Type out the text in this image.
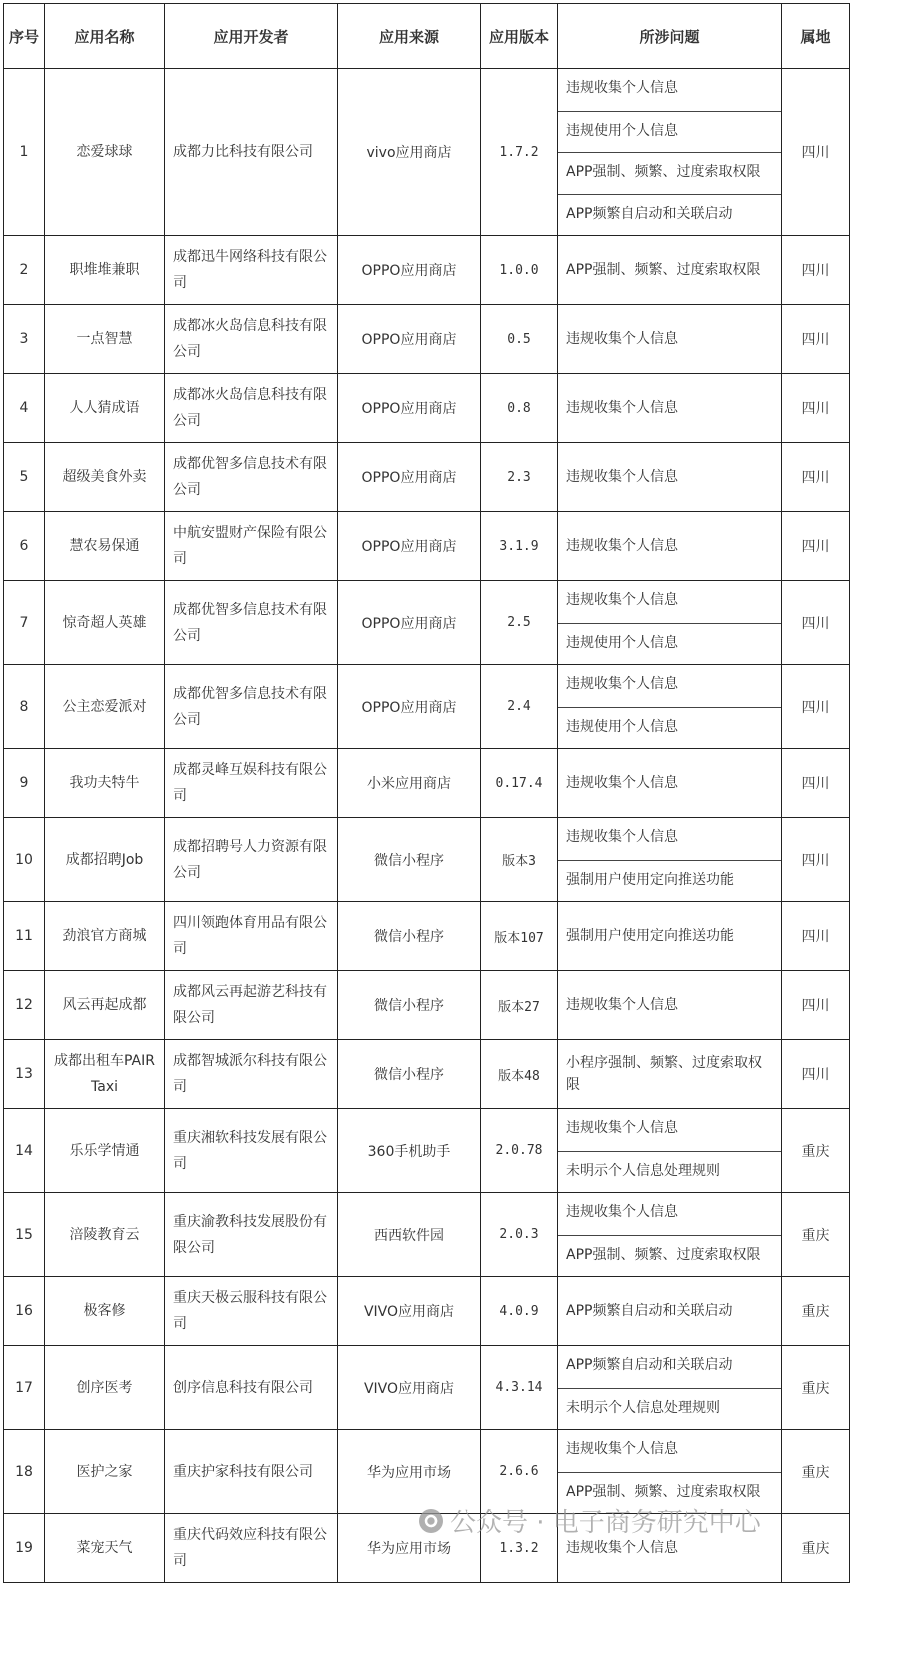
序号	应用名称	应用开发者	应用来源	应用版本	所涉问题	属地
1	恋爱球球	成都力比科技有限公司	vivo应用商店	1.7.2	违规收集个人信息
违规使用个人信息
APP强制、频繁、过度索取权限
APP频繁自启动和关联启动	四川
2	职堆堆兼职	成都迅牛网络科技有限公司	OPPO应用商店	1.0.0	APP强制、频繁、过度索取权限	四川
3	一点智慧	成都冰火岛信息科技有限公司	OPPO应用商店	0.5	违规收集个人信息	四川
4	人人猜成语	成都冰火岛信息科技有限公司	OPPO应用商店	0.8	违规收集个人信息	四川
5	超级美食外卖	成都优智多信息技术有限公司	OPPO应用商店	2.3	违规收集个人信息	四川
6	慧农易保通	中航安盟财产保险有限公司	OPPO应用商店	3.1.9	违规收集个人信息	四川
7	惊奇超人英雄	成都优智多信息技术有限公司	OPPO应用商店	2.5	违规收集个人信息
违规使用个人信息	四川
8	公主恋爱派对	成都优智多信息技术有限公司	OPPO应用商店	2.4	违规收集个人信息
违规使用个人信息	四川
9	我功夫特牛	成都灵峰互娱科技有限公司	小米应用商店	0.17.4	违规收集个人信息	四川
10	成都招聘Job	成都招聘号人力资源有限公司	微信小程序	版本3	违规收集个人信息
强制用户使用定向推送功能	四川
11	劲浪官方商城	四川领跑体育用品有限公司	微信小程序	版本107	强制用户使用定向推送功能	四川
12	风云再起成都	成都风云再起游艺科技有限公司	微信小程序	版本27	违规收集个人信息	四川
13	成都出租车PAIR Taxi	成都智城派尔科技有限公司	微信小程序	版本48	小程序强制、频繁、过度索取权限	四川
14	乐乐学情通	重庆湘软科技发展有限公司	360手机助手	2.0.78	违规收集个人信息
未明示个人信息处理规则	重庆
15	涪陵教育云	重庆渝教科技发展股份有限公司	西西软件园	2.0.3	违规收集个人信息
APP强制、频繁、过度索取权限	重庆
16	极客修	重庆天极云服科技有限公司	VIVO应用商店	4.0.9	APP频繁自启动和关联启动	重庆
17	创序医考	创序信息科技有限公司	VIVO应用商店	4.3.14	APP频繁自启动和关联启动
未明示个人信息处理规则	重庆
18	医护之家	重庆护家科技有限公司	华为应用市场	2.6.6	违规收集个人信息
APP强制、频繁、过度索取权限	重庆
19	菜宠天气	重庆代码效应科技有限公司	华为应用市场	1.3.2	违规收集个人信息	重庆
公众号 · 电子商务研究中心
